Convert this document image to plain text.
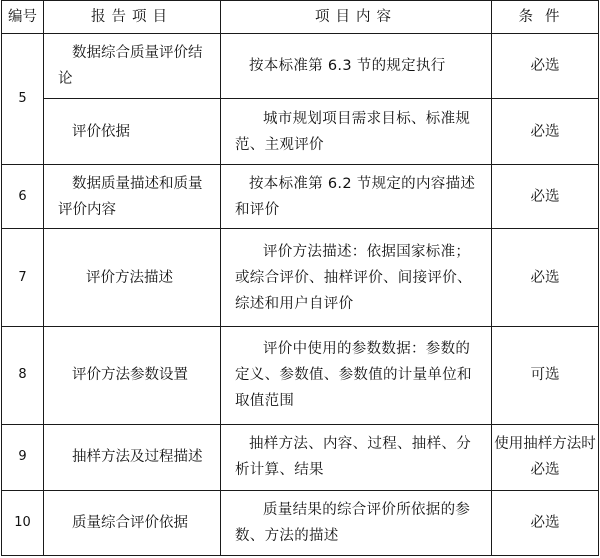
编号	报告项目	项目内容	条件
5	数据综合质量评价结论	按本标准第 6.3 节的规定执行	必选
	评价依据	城市规划项目需求目标、标准规范、主观评价	必选
6	数据质量描述和质量评价内容	按本标准第 6.2 节规定的内容描述和评价	必选
7	评价方法描述	评价方法描述：依据国家标准；或综合评价、抽样评价、间接评价、综述和用户自评价	必选
8	评价方法参数设置	评价中使用的参数数据：参数的定义、参数值、参数值的计量单位和取值范围	可选
9	抽样方法及过程描述	抽样方法、内容、过程、抽样、分析计算、结果	使用抽样方法时必选
10	质量综合评价依据	质量结果的综合评价所依据的参数、方法的描述	必选
